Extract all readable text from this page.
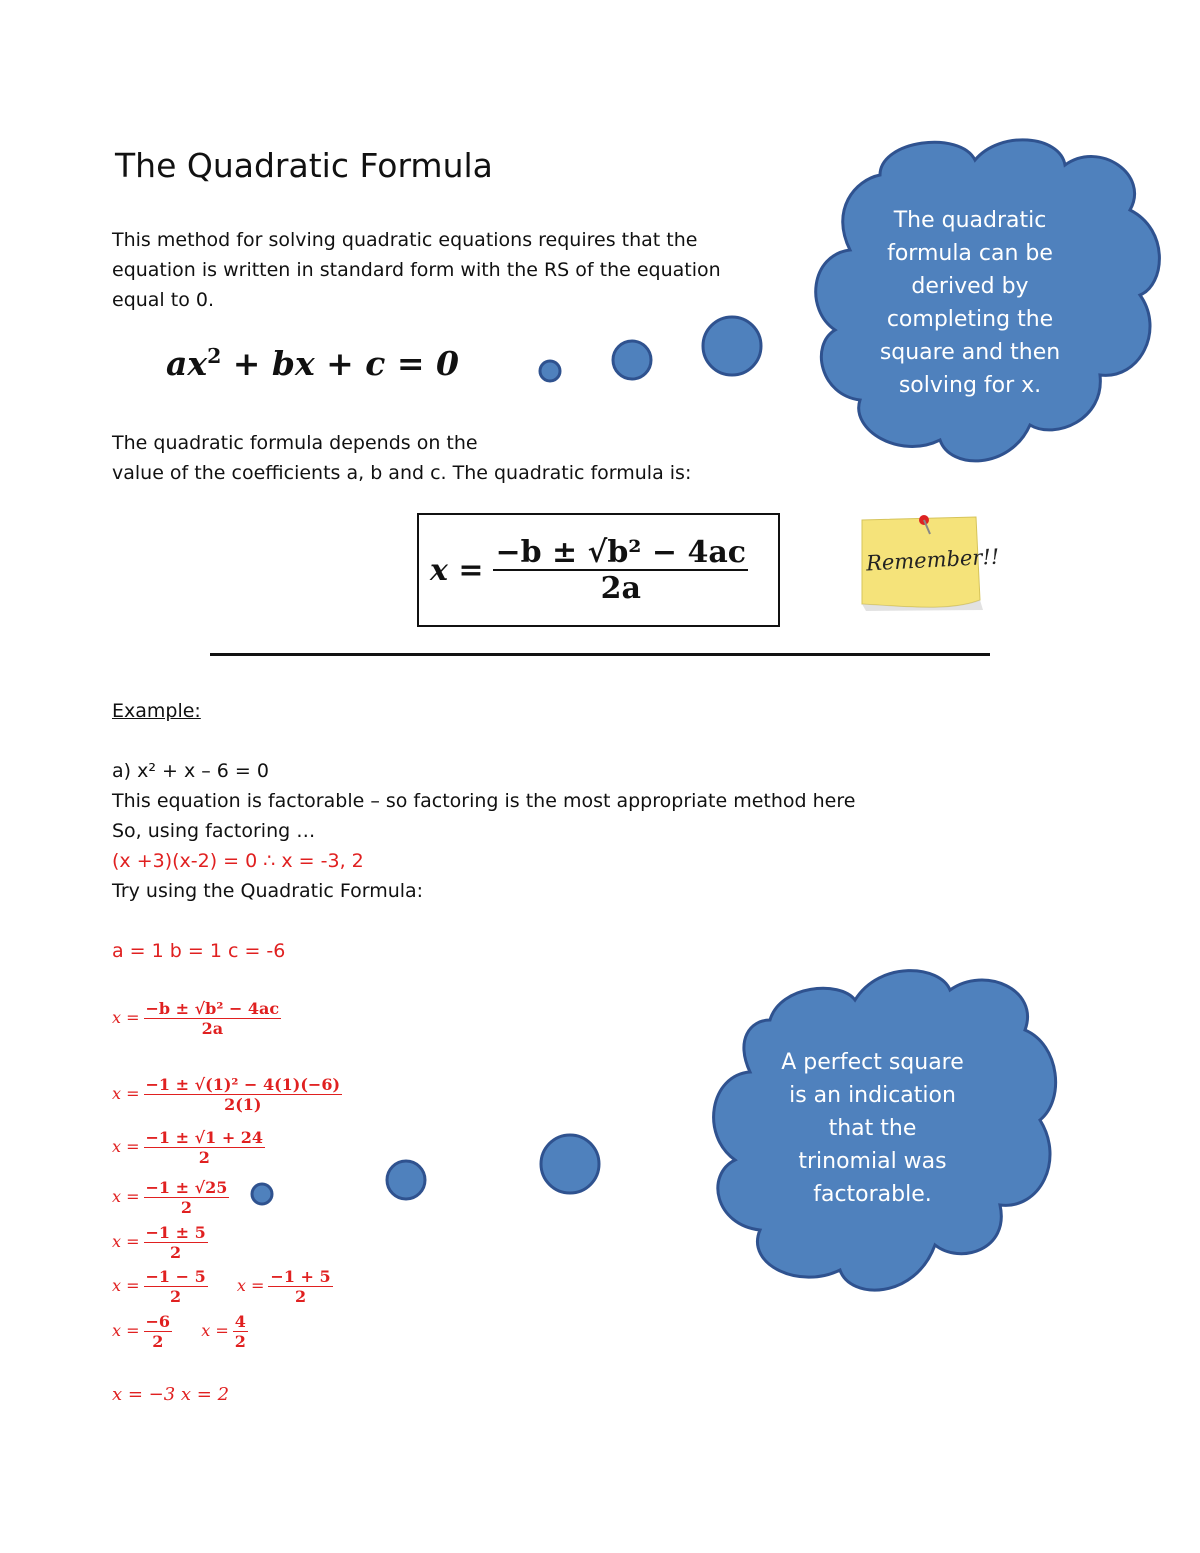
The Quadratic Formula
This method for solving quadratic equations requires that the
equation is written in standard form with the RS of the equation
equal to 0.
$ax^2$ + bx + c = 0
The quadratic formula depends on the
value of the coefficients a, b and c. The quadratic formula is:
$x = \frac{\text{−b ± √b² − 4ac}}{2a}$	Remember!!
The quadratic
formula can be
derived by
completing the
square and then
solving for x.
Example:
a) x² + x – 6 = 0
This equation is factorable – so factoring is the most appropriate method here
So, using factoring …
(x +3)(x-2) = 0 ∴ x = -3, 2
Try using the Quadratic Formula:
a = 1 b = 1 c = -6
$x = \frac{\text{−b ± √b² − 4ac}}{2a}$
$x = \frac{\text{−1 ± √(1)² − 4(1)(−6)}}{2(1)}$
$x = \frac{-1 \pm √1 + 24}{2}$
$x = \frac{-1 \pm √25}{2}$
$x = \frac{-1 \pm 5}{2}$
$x = \frac{-1 - 5}{2}$ $x = \frac{-1 + 5}{2}$
$x = \frac{-6}{2}$ $x = \frac{4}{2}$
x = −3 x = 2
A perfect square
is an indication
that the
trinomial was
factorable.
